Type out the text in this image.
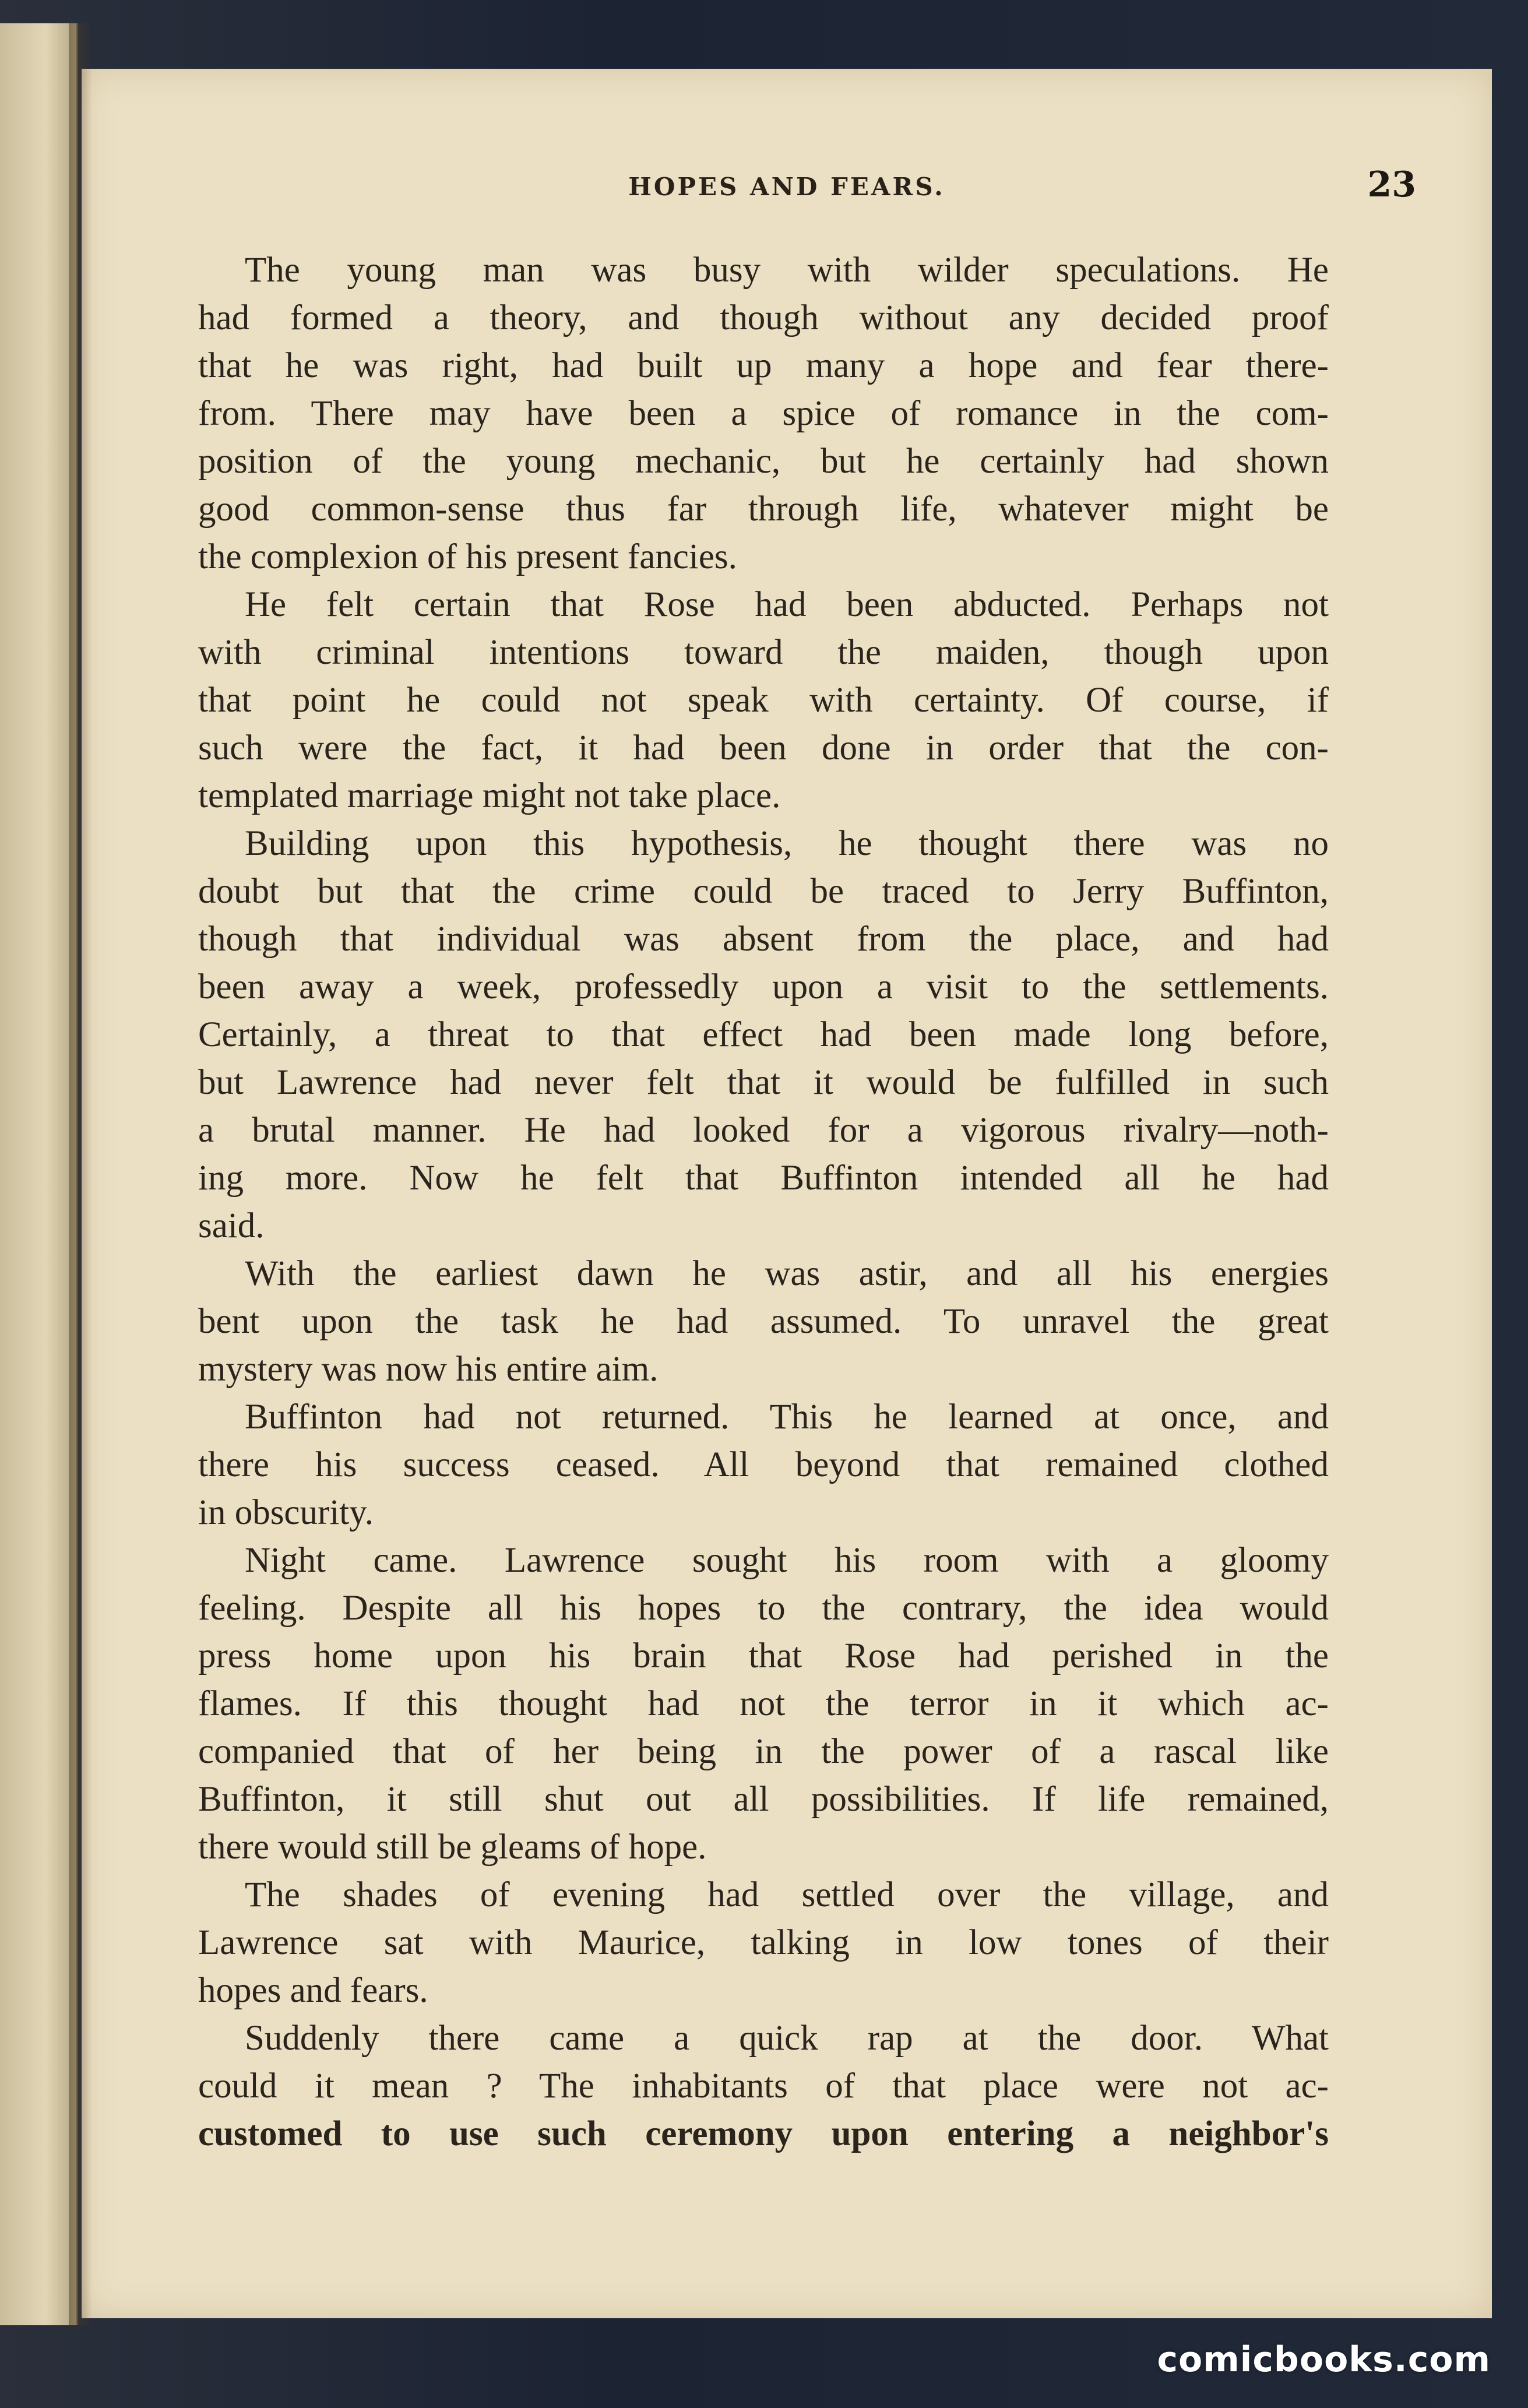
HOPES AND FEARS.	23
The young man was busy with wilder speculations. He
had formed a theory, and though without any decided proof
that he was right, had built up many a hope and fear there-
from. There may have been a spice of romance in the com-
position of the young mechanic, but he certainly had shown
good common-sense thus far through life, whatever might be
the complexion of his present fancies.
He felt certain that Rose had been abducted. Perhaps not
with criminal intentions toward the maiden, though upon
that point he could not speak with certainty. Of course, if
such were the fact, it had been done in order that the con-
templated marriage might not take place.
Building upon this hypothesis, he thought there was no
doubt but that the crime could be traced to Jerry Buffinton,
though that individual was absent from the place, and had
been away a week, professedly upon a visit to the settlements.
Certainly, a threat to that effect had been made long before,
but Lawrence had never felt that it would be fulfilled in such
a brutal manner. He had looked for a vigorous rivalry—noth-
ing more. Now he felt that Buffinton intended all he had
said.
With the earliest dawn he was astir, and all his energies
bent upon the task he had assumed. To unravel the great
mystery was now his entire aim.
Buffinton had not returned. This he learned at once, and
there his success ceased. All beyond that remained clothed
in obscurity.
Night came. Lawrence sought his room with a gloomy
feeling. Despite all his hopes to the contrary, the idea would
press home upon his brain that Rose had perished in the
flames. If this thought had not the terror in it which ac-
companied that of her being in the power of a rascal like
Buffinton, it still shut out all possibilities. If life remained,
there would still be gleams of hope.
The shades of evening had settled over the village, and
Lawrence sat with Maurice, talking in low tones of their
hopes and fears.
Suddenly there came a quick rap at the door. What
could it mean ? The inhabitants of that place were not ac-
customed to use such ceremony upon entering a neighbor's
comicbooks.com
